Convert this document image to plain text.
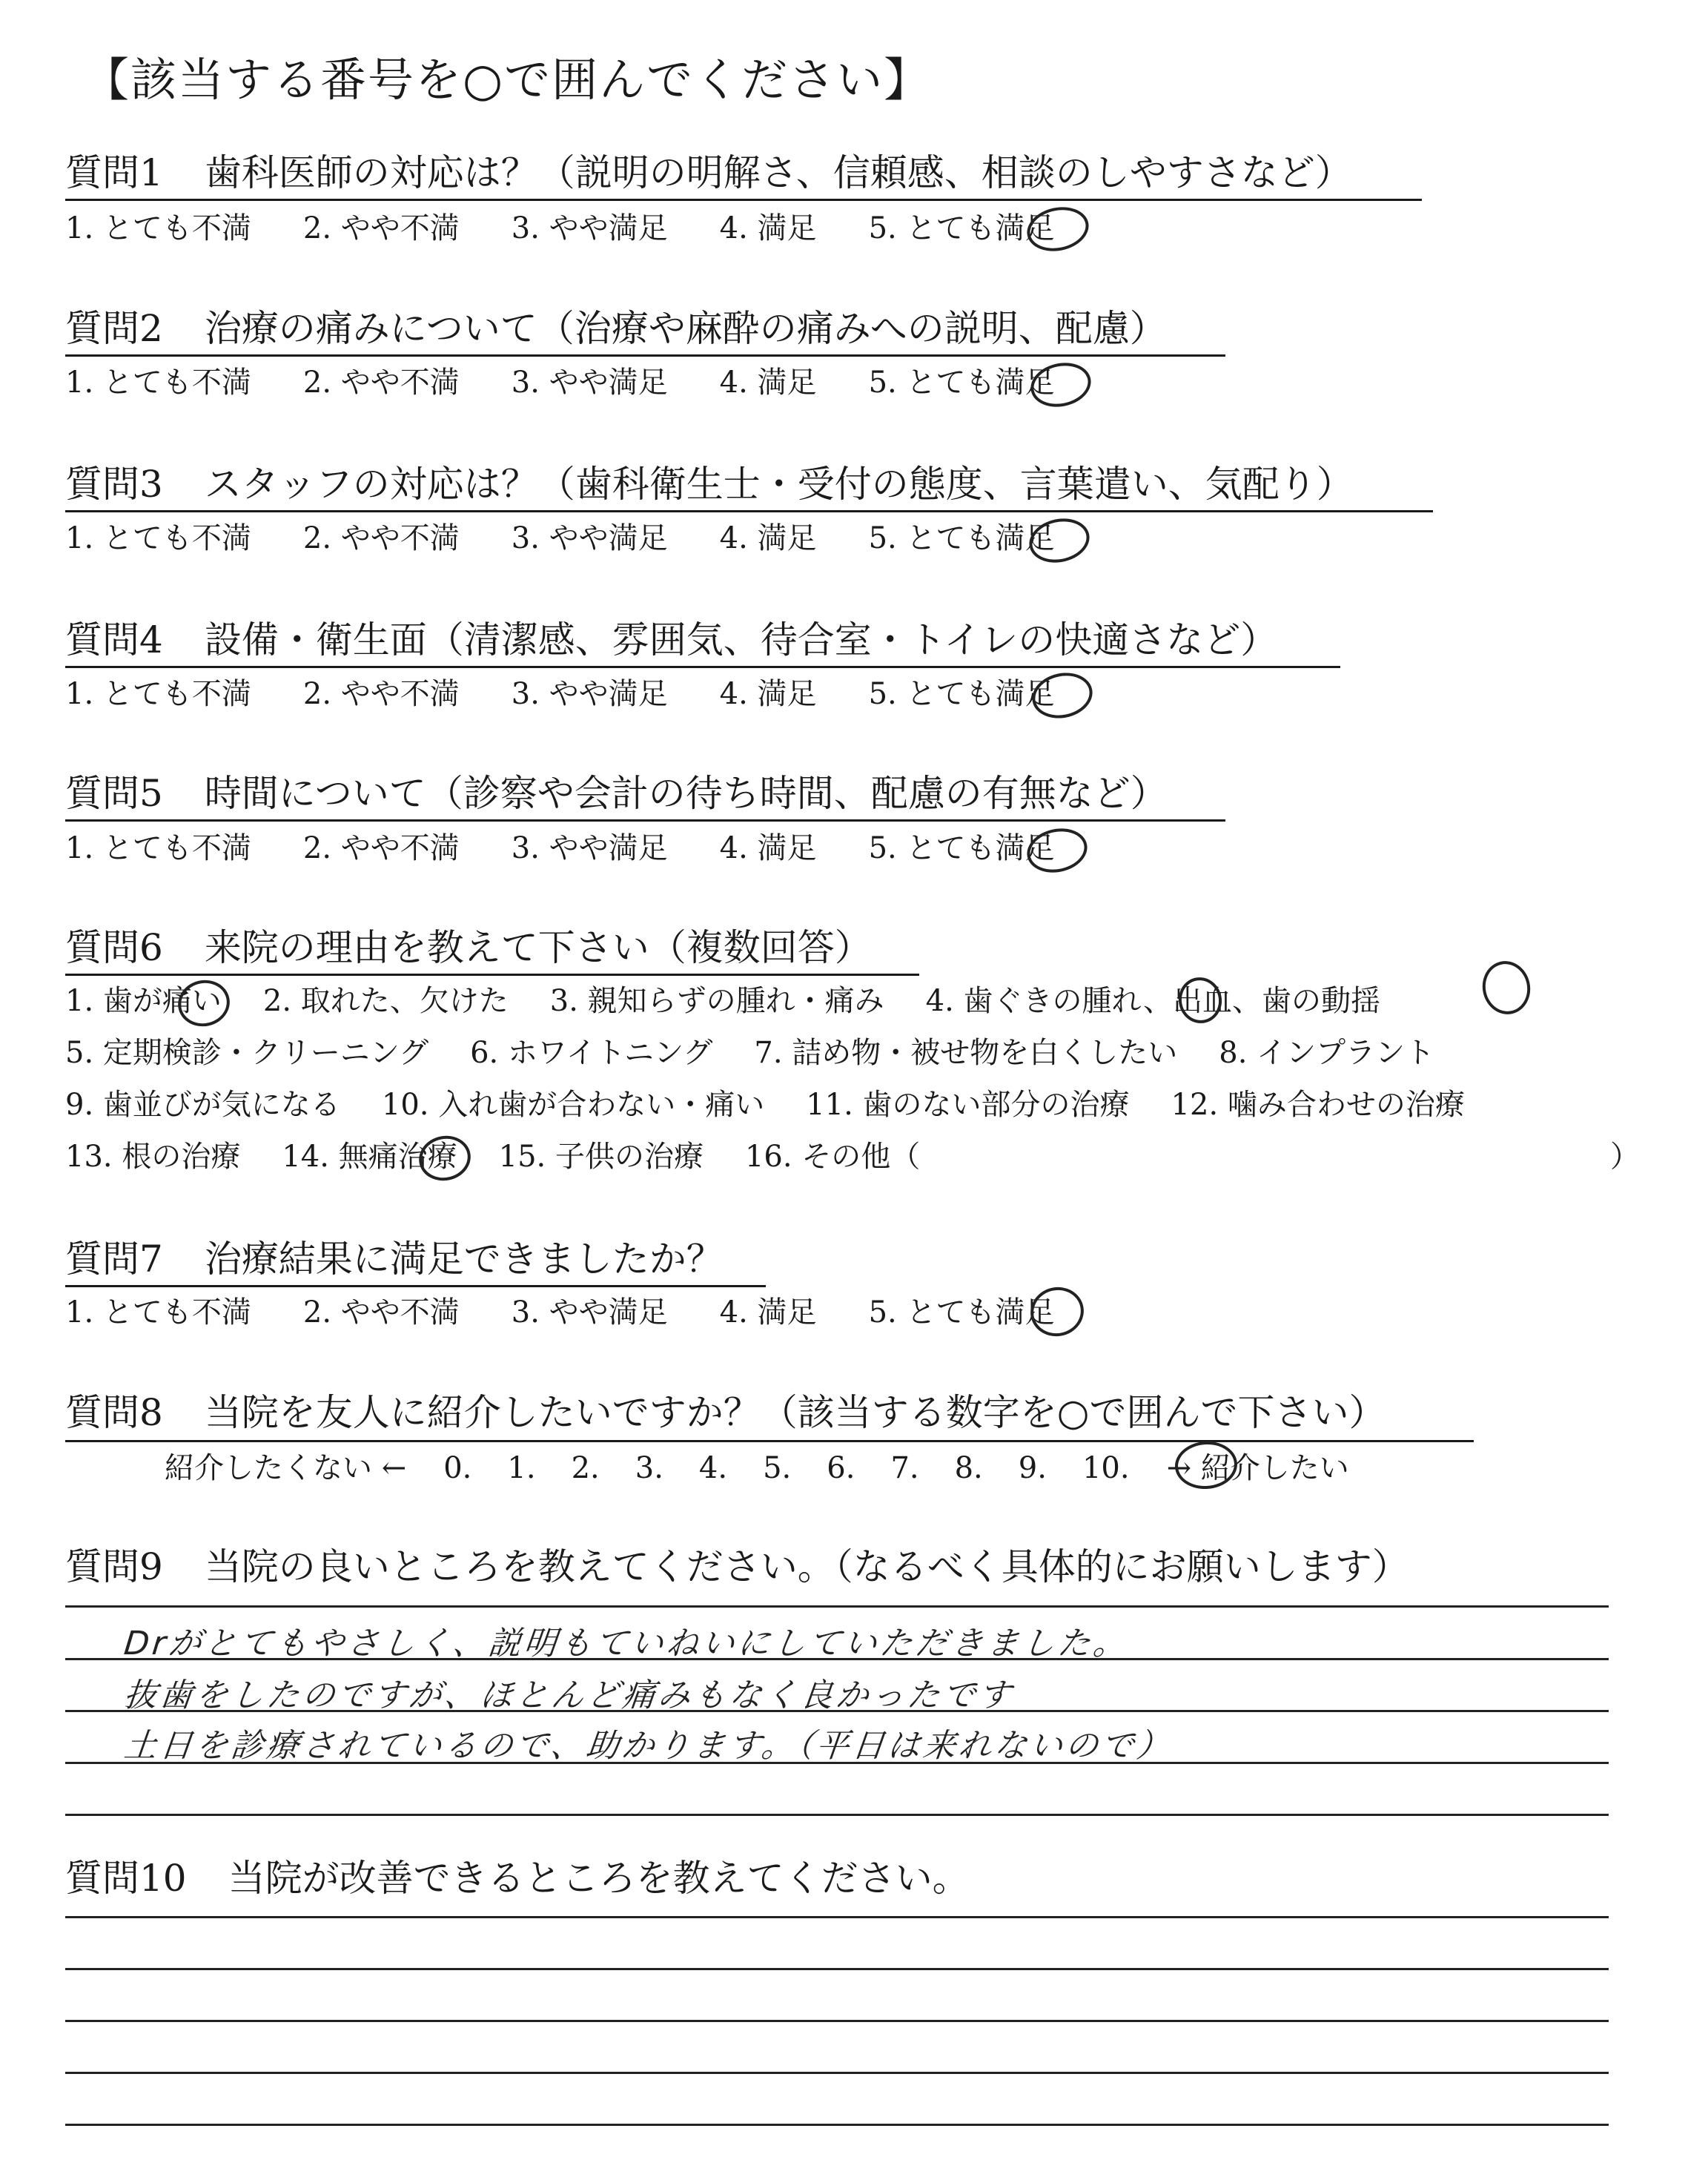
【該当する番号を○で囲んでください】
質問1 歯科医師の対応は？（説明の明解さ、信頼感、相談のしやすさなど）
1. とても不満 2. やや不満 3. やや満足 4. 満足 5. とても満足
質問2 治療の痛みについて（治療や麻酔の痛みへの説明、配慮）
1. とても不満 2. やや不満 3. やや満足 4. 満足 5. とても満足
質問3 スタッフの対応は？（歯科衛生士・受付の態度、言葉遣い、気配り）
1. とても不満 2. やや不満 3. やや満足 4. 満足 5. とても満足
質問4 設備・衛生面（清潔感、雰囲気、待合室・トイレの快適さなど）
1. とても不満 2. やや不満 3. やや満足 4. 満足 5. とても満足
質問5 時間について（診察や会計の待ち時間、配慮の有無など）
1. とても不満 2. やや不満 3. やや満足 4. 満足 5. とても満足
質問6 来院の理由を教えて下さい（複数回答）
1. 歯が痛い 2. 取れた、欠けた 3. 親知らずの腫れ・痛み 4. 歯ぐきの腫れ、出血、歯の動揺
5. 定期検診・クリーニング 6. ホワイトニング 7. 詰め物・被せ物を白くしたい 8. インプラント
9. 歯並びが気になる 10. 入れ歯が合わない・痛い 11. 歯のない部分の治療 12. 噛み合わせの治療
13. 根の治療 14. 無痛治療 15. 子供の治療 16. その他（	）
質問7 治療結果に満足できましたか？
1. とても不満 2. やや不満 3. やや満足 4. 満足 5. とても満足
質問8 当院を友人に紹介したいですか？（該当する数字を○で囲んで下さい）
紹介したくない ← 0. 1. 2. 3. 4. 5. 6. 7. 8. 9. 10. → 紹介したい
質問9 当院の良いところを教えてください。（なるべく具体的にお願いします）
Drがとてもやさしく、説明もていねいにしていただきました。
抜歯をしたのですが、ほとんど痛みもなく良かったです
土日を診療されているので、助かります。（平日は来れないので）
質問10 当院が改善できるところを教えてください。
